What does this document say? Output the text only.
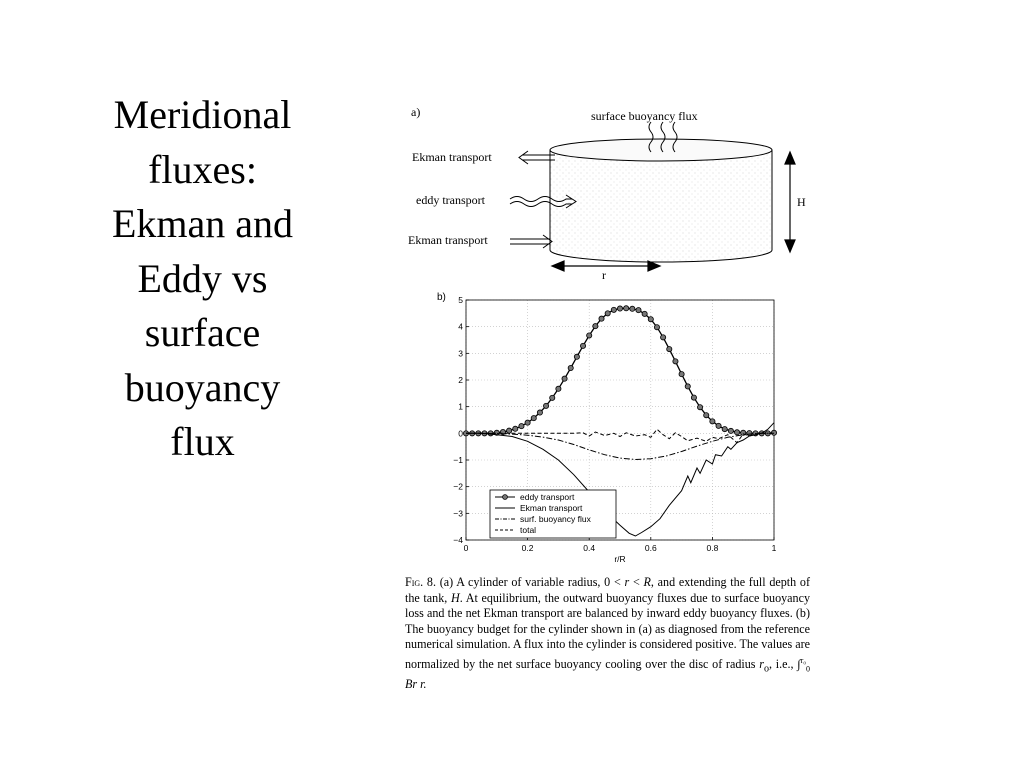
Meridional
fluxes:
Ekman and
Eddy vs
surface
buoyancy
flux
a)	surface buoyancy flux
Ekman transport
eddy transport
Ekman transport
H
r
b)
0	0.2	0.4	0.6	0.8	1
5
4
3
2
1
0
−1
−2
−3
−4
r/R
eddy transport
Ekman transport
surf. buoyancy flux
total
Fig. 8. (a) A cylinder of variable radius, 0 < r < R, and extending the full depth of the tank, H. At equilibrium, the outward buoyancy fluxes due to surface buoyancy loss and the net Ekman transport are balanced by inward eddy buoyancy fluxes. (b) The buoyancy budget for the cylinder shown in (a) as diagnosed from the reference numerical simulation. A flux into the cylinder is considered positive. The values are normalized by the net surface buoyancy cooling over the disc of radius $r_o$, i.e., ∫$^{r_0}_0$ Br r.
